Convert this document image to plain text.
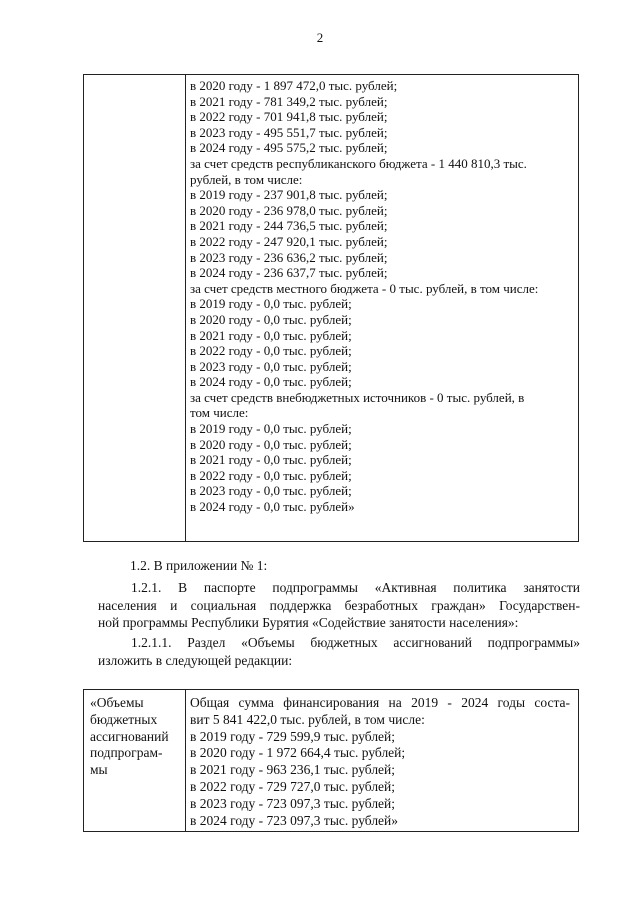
2
в 2020 году - 1 897 472,0 тыс. рублей;
в 2021 году - 781 349,2 тыс. рублей;
в 2022 году - 701 941,8 тыс. рублей;
в 2023 году - 495 551,7 тыс. рублей;
в 2024 году - 495 575,2 тыс. рублей;
за счет средств республиканского бюджета - 1 440 810,3 тыс.
рублей, в том числе:
в 2019 году - 237 901,8 тыс. рублей;
в 2020 году - 236 978,0 тыс. рублей;
в 2021 году - 244 736,5 тыс. рублей;
в 2022 году - 247 920,1 тыс. рублей;
в 2023 году - 236 636,2 тыс. рублей;
в 2024 году - 236 637,7 тыс. рублей;
за счет средств местного бюджета - 0 тыс. рублей, в том числе:
в 2019 году - 0,0 тыс. рублей;
в 2020 году - 0,0 тыс. рублей;
в 2021 году - 0,0 тыс. рублей;
в 2022 году - 0,0 тыс. рублей;
в 2023 году - 0,0 тыс. рублей;
в 2024 году - 0,0 тыс. рублей;
за счет средств внебюджетных источников - 0 тыс. рублей, в
том числе:
в 2019 году - 0,0 тыс. рублей;
в 2020 году - 0,0 тыс. рублей;
в 2021 году - 0,0 тыс. рублей;
в 2022 году - 0,0 тыс. рублей;
в 2023 году - 0,0 тыс. рублей;
в 2024 году - 0,0 тыс. рублей»
1.2. В приложении № 1:
1.2.1. В паспорте подпрограммы «Активная политика занятости
населения и социальная поддержка безработных граждан» Государствен-
ной программы Республики Бурятия «Содействие занятости населения»:
1.2.1.1. Раздел «Объемы бюджетных ассигнований подпрограммы»
изложить в следующей редакции:
«Объемы
бюджетных
ассигнований
подпрограм-
мы
Общая сумма финансирования на 2019 - 2024 годы соста-
вит 5 841 422,0 тыс. рублей, в том числе:
в 2019 году - 729 599,9 тыс. рублей;
в 2020 году - 1 972 664,4 тыс. рублей;
в 2021 году - 963 236,1 тыс. рублей;
в 2022 году - 729 727,0 тыс. рублей;
в 2023 году - 723 097,3 тыс. рублей;
в 2024 году - 723 097,3 тыс. рублей»
